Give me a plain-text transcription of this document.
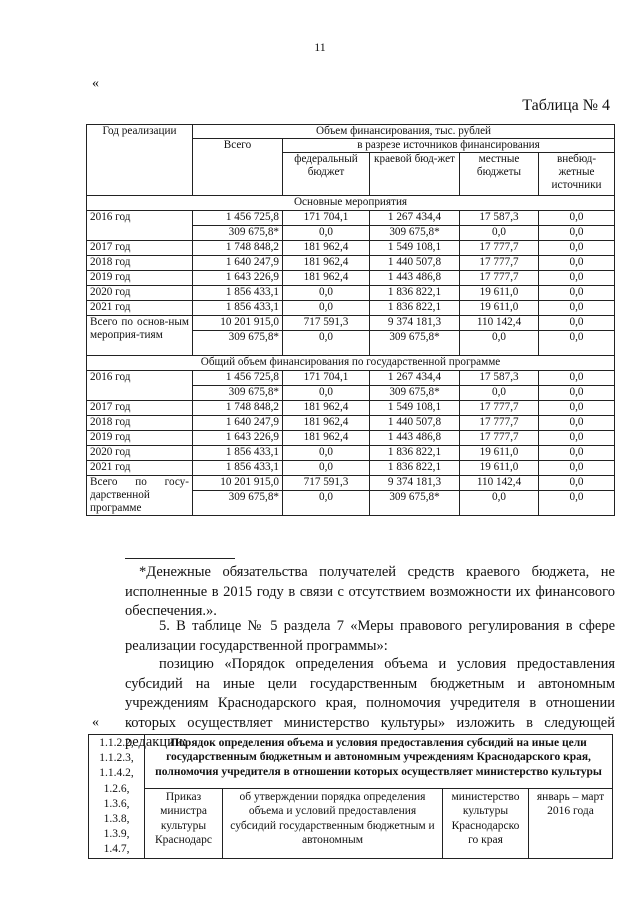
11
«
Таблица № 4
Год реализации	Объем финансирования, тыс. рублей				
	Всего	в разрезе источников финансирования			
		федеральный бюджет	краевой бюд-жет	местные бюджеты	внебюд-жетные источники
Основные мероприятия					
2016 год	1 456 725,8	171 704,1	1 267 434,4	17 587,3	0,0
	309 675,8*	0,0	309 675,8*	0,0	0,0
2017 год	1 748 848,2	181 962,4	1 549 108,1	17 777,7	0,0
2018 год	1 640 247,9	181 962,4	1 440 507,8	17 777,7	0,0
2019 год	1 643 226,9	181 962,4	1 443 486,8	17 777,7	0,0
2020 год	1 856 433,1	0,0	1 836 822,1	19 611,0	0,0
2021 год	1 856 433,1	0,0	1 836 822,1	19 611,0	0,0
Всего по основ-ным мероприя-тиям	10 201 915,0	717 591,3	9 374 181,3	110 142,4	0,0
	309 675,8*	0,0	309 675,8*	0,0	0,0
Общий объем финансирования по государственной программе					
2016 год	1 456 725,8	171 704,1	1 267 434,4	17 587,3	0,0
	309 675,8*	0,0	309 675,8*	0,0	0,0
2017 год	1 748 848,2	181 962,4	1 549 108,1	17 777,7	0,0
2018 год	1 640 247,9	181 962,4	1 440 507,8	17 777,7	0,0
2019 год	1 643 226,9	181 962,4	1 443 486,8	17 777,7	0,0
2020 год	1 856 433,1	0,0	1 836 822,1	19 611,0	0,0
2021 год	1 856 433,1	0,0	1 836 822,1	19 611,0	0,0
Всего по госу-дарственной программе	10 201 915,0	717 591,3	9 374 181,3	110 142,4	0,0
	309 675,8*	0,0	309 675,8*	0,0	0,0
*Денежные обязательства получателей средств краевого бюджета, не исполненные в 2015 году в связи с отсутствием возможности их финансового обеспечения.».
5. В таблице № 5 раздела 7 «Меры правового регулирования в сфере реализации государственной программы»:
позицию «Порядок определения объема и условия предоставления субсидий на иные цели государственным бюджетным и автономным учреждениям Краснодарского края, полномочия учредителя в отношении которых осуществляет министерство культуры» изложить в следующей редакции:
«
1.1.2.2, 1.1.2.3, 1.1.4.2, 1.2.6, 1.3.6, 1.3.8, 1.3.9, 1.4.7,	Порядок определения объема и условия предоставления субсидий на иные цели государственным бюджетным и автономным учреждениям Краснодарского края, полномочия учредителя в отношении которых осуществляет министерство культуры			
	Приказ министра культуры Краснодарс	об утверждении порядка определения объема и условий предоставления субсидий государственным бюджетным и автономным	министерство культуры Краснодарско го края	январь – март 2016 года
